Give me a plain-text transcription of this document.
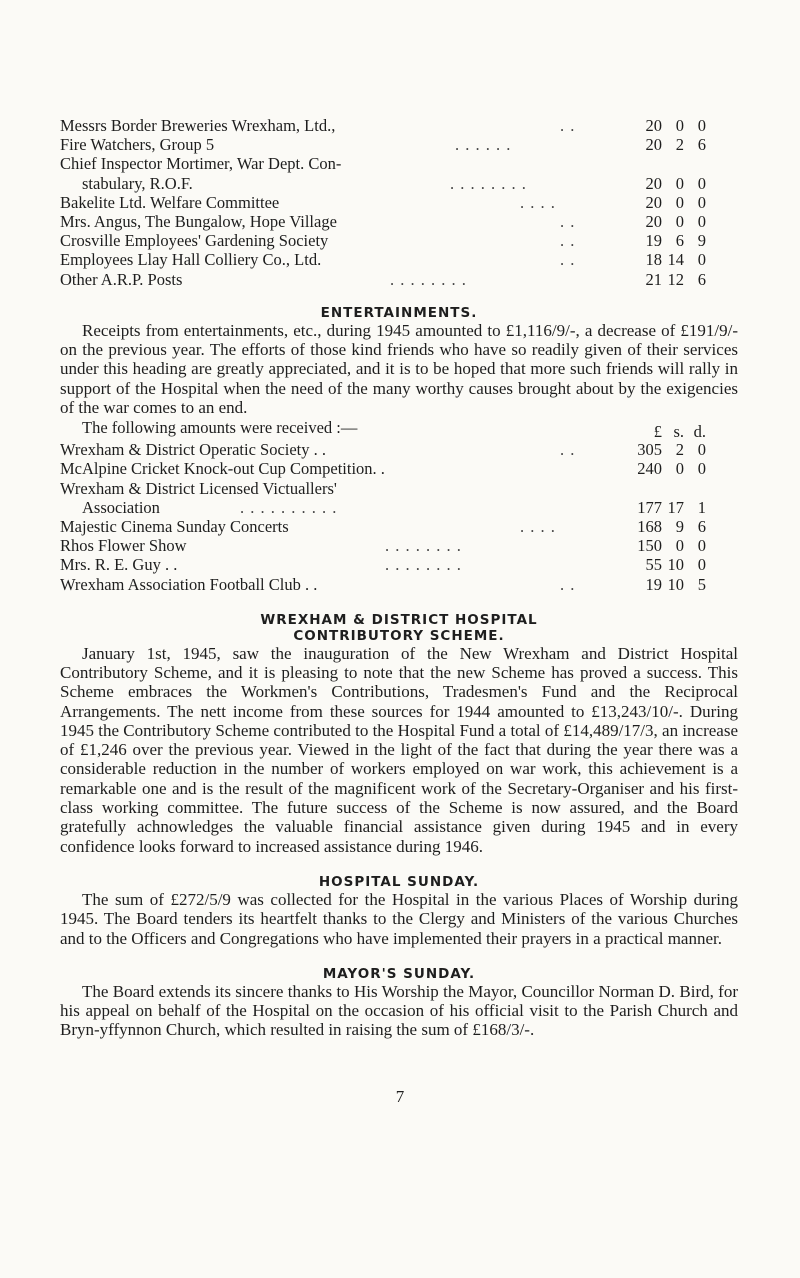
Messrs Border Breweries Wrexham, Ltd.,	. .	20 0 0
Fire Watchers, Group 5	. . . . . .	20 2 6
Chief Inspector Mortimer, War Dept. Con-
stabulary, R.O.F.	. . . . . . . .	20 0 0
Bakelite Ltd. Welfare Committee	. . . .	20 0 0
Mrs. Angus, The Bungalow, Hope Village	. .	20 0 0
Crosville Employees' Gardening Society	. .	19 6 9
Employees Llay Hall Colliery Co., Ltd.	. .	18 14 0
Other A.R.P. Posts	. . . . . . . .	21 12 6
ENTERTAINMENTS.

Receipts from entertainments, etc., during 1945 amounted to £1,116/9/-, a decrease of £191/9/- on the previous year. The efforts of those kind friends who have so readily given of their services under this heading are greatly appreciated, and it is to be hoped that more such friends will rally in support of the Hospital when the need of the many worthy causes brought about by the exigencies of the war comes to an end.

The following amounts were received :—	£ s. d.
Wrexham & District Operatic Society . .	. .	305 2 0
McAlpine Cricket Knock-out Cup Competition. .	240 0 0
Wrexham & District Licensed Victuallers'
Association	. . . . . . . . . .	177 17 1
Majestic Cinema Sunday Concerts	. . . .	168 9 6
Rhos Flower Show	. . . . . . . .	150 0 0
Mrs. R. E. Guy . .	. . . . . . . .	55 10 0
Wrexham Association Football Club . .	. .	19 10 5
WREXHAM & DISTRICT HOSPITAL
CONTRIBUTORY SCHEME.

January 1st, 1945, saw the inauguration of the New Wrexham and District Hospital Contributory Scheme, and it is pleasing to note that the new Scheme has proved a success. This Scheme embraces the Workmen's Contributions, Tradesmen's Fund and the Reciprocal Arrangements. The nett income from these sources for 1944 amounted to £13,243/10/-. During 1945 the Contributory Scheme contributed to the Hospital Fund a total of £14,489/17/3, an increase of £1,246 over the previous year. Viewed in the light of the fact that during the year there was a considerable reduction in the number of workers employed on war work, this achievement is a remarkable one and is the result of the magnificent work of the Secretary-Organiser and his first-class working committee. The future success of the Scheme is now assured, and the Board gratefully achnowledges the valuable financial assistance given during 1945 and in every confidence looks forward to increased assistance during 1946.

HOSPITAL SUNDAY.

The sum of £272/5/9 was collected for the Hospital in the various Places of Worship during 1945. The Board tenders its heartfelt thanks to the Clergy and Ministers of the various Churches and to the Officers and Congregations who have implemented their prayers in a practical manner.

MAYOR'S SUNDAY.

The Board extends its sincere thanks to His Worship the Mayor, Councillor Norman D. Bird, for his appeal on behalf of the Hospital on the occasion of his official visit to the Parish Church and Bryn-yffynnon Church, which resulted in raising the sum of £168/3/-.

7
